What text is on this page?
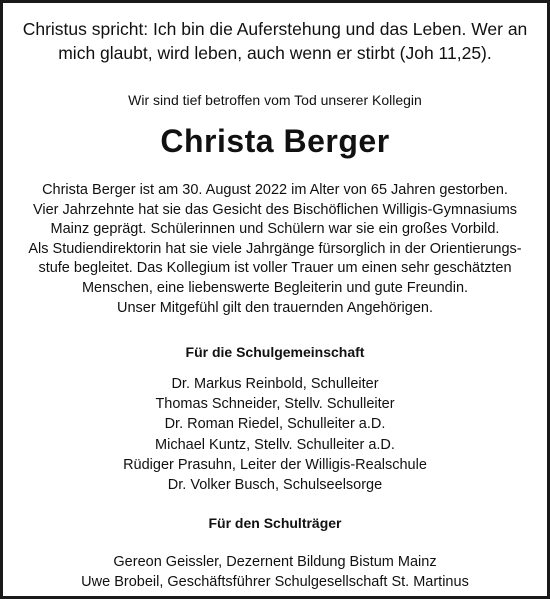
Christus spricht: Ich bin die Auferstehung und das Leben. Wer an
mich glaubt, wird leben, auch wenn er stirbt (Joh 11,25).
Wir sind tief betroffen vom Tod unserer Kollegin
Christa Berger
Christa Berger ist am 30. August 2022 im Alter von 65 Jahren gestorben.
Vier Jahrzehnte hat sie das Gesicht des Bischöflichen Willigis-Gymnasiums
Mainz geprägt. Schülerinnen und Schülern war sie ein großes Vorbild.
Als Studiendirektorin hat sie viele Jahrgänge fürsorglich in der Orientierungs-
stufe begleitet. Das Kollegium ist voller Trauer um einen sehr geschätzten
Menschen, eine liebenswerte Begleiterin und gute Freundin.
Unser Mitgefühl gilt den trauernden Angehörigen.
Für die Schulgemeinschaft
Dr. Markus Reinbold, Schulleiter
Thomas Schneider, Stellv. Schulleiter
Dr. Roman Riedel, Schulleiter a.D.
Michael Kuntz, Stellv. Schulleiter a.D.
Rüdiger Prasuhn, Leiter der Willigis-Realschule
Dr. Volker Busch, Schulseelsorge
Für den Schulträger
Gereon Geissler, Dezernent Bildung Bistum Mainz
Uwe Brobeil, Geschäftsführer Schulgesellschaft St. Martinus
